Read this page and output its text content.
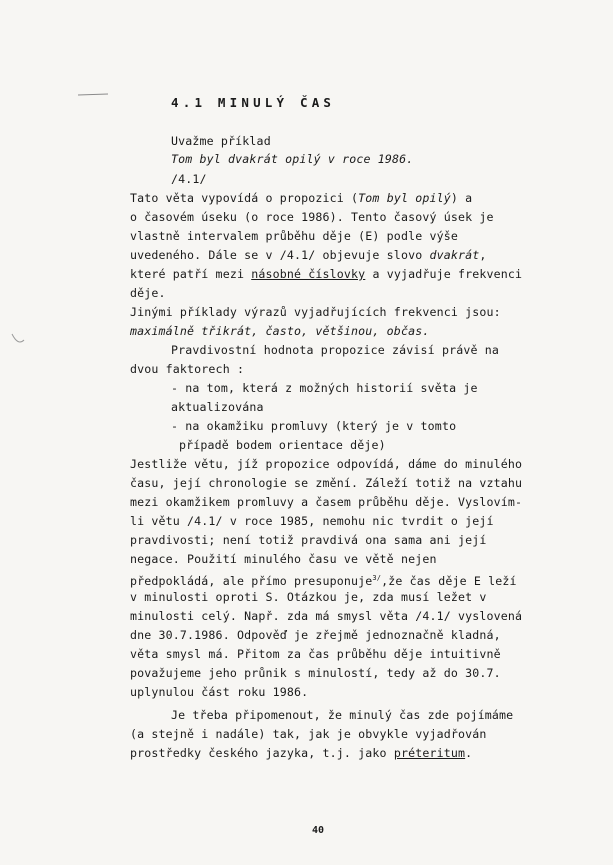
4.1 MINULÝ ČAS
Uvažme příklad
Tom byl dvakrát opilý v roce 1986.
/4.1/
Tato věta vypovídá o propozici (Tom byl opilý) a
o časovém úseku (o roce 1986). Tento časový úsek je
vlastně intervalem průběhu děje (E) podle výše
uvedeného. Dále se v /4.1/ objevuje slovo dvakrát,
které patří mezi násobné číslovky a vyjadřuje frekvenci
děje.
Jinými příklady výrazů vyjadřujících frekvenci jsou:
maximálně třikrát, často, většinou, občas.
Pravdivostní hodnota propozice závisí právě na
dvou faktorech :
- na tom, která z možných historií světa je
aktualizována
- na okamžiku promluvy (který je v tomto
případě bodem orientace děje)
Jestliže větu, jíž propozice odpovídá, dáme do minulého
času, její chronologie se změní. Záleží totiž na vztahu
mezi okamžikem promluvy a časem průběhu děje. Vyslovím-
li větu /4.1/ v roce 1985, nemohu nic tvrdit o její
pravdivosti; není totiž pravdivá ona sama ani její
negace. Použití minulého času ve větě nejen
předpokládá, ale přímo presuponuje$^{3/}$,že čas děje E leží
v minulosti oproti S. Otázkou je, zda musí ležet v
minulosti celý. Např. zda má smysl věta /4.1/ vyslovená
dne 30.7.1986. Odpověď je zřejmě jednoznačně kladná,
věta smysl má. Přitom za čas průběhu děje intuitivně
považujeme jeho průnik s minulostí, tedy až do 30.7.
uplynulou část roku 1986.
Je třeba připomenout, že minulý čas zde pojímáme
(a stejně i nadále) tak, jak je obvykle vyjadřován
prostředky českého jazyka, t.j. jako préteritum.
40
